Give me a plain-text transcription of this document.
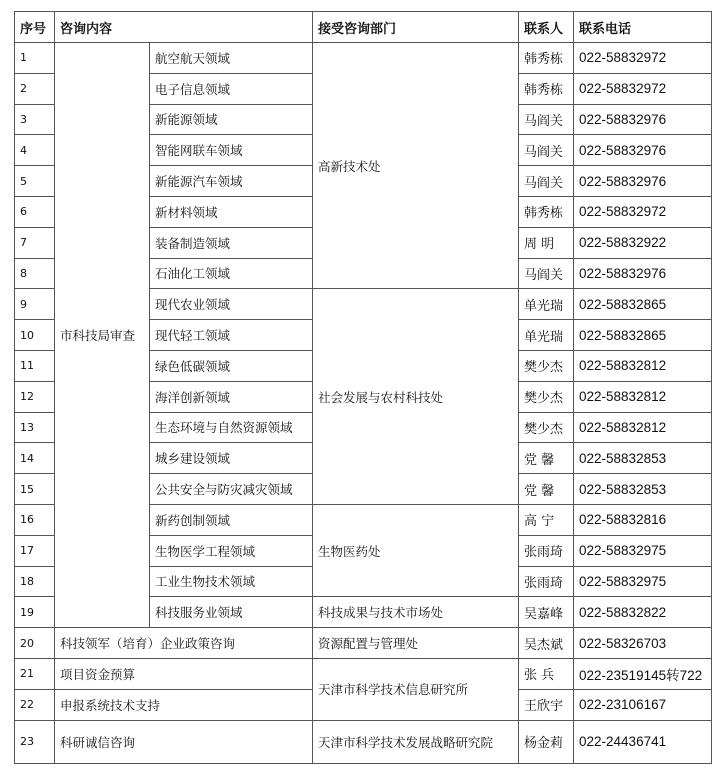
序号	咨询内容		接受咨询部门	联系人	联系电话
1	市科技局审查	航空航天领域	高新技术处	韩秀栋	022-58832972
2		电子信息领域		韩秀栋	022-58832972
3		新能源领域		马阎关	022-58832976
4		智能网联车领域		马阎关	022-58832976
5		新能源汽车领域		马阎关	022-58832976
6		新材料领域		韩秀栋	022-58832972
7		装备制造领域		周 明	022-58832922
8		石油化工领域		马阎关	022-58832976
9		现代农业领域	社会发展与农村科技处	单光瑞	022-58832865
10		现代轻工领域		单光瑞	022-58832865
11		绿色低碳领域		樊少杰	022-58832812
12		海洋创新领域		樊少杰	022-58832812
13		生态环境与自然资源领域		樊少杰	022-58832812
14		城乡建设领域		党 馨	022-58832853
15		公共安全与防灾减灾领域		党 馨	022-58832853
16		新药创制领域	生物医药处	高 宁	022-58832816
17		生物医学工程领域		张雨琦	022-58832975
18		工业生物技术领域		张雨琦	022-58832975
19		科技服务业领域	科技成果与技术市场处	吴嘉峰	022-58832822
20	科技领军（培育）企业政策咨询		资源配置与管理处	吴杰斌	022-58326703
21	项目资金预算		天津市科学技术信息研究所	张 兵	022-23519145转722
22	申报系统技术支持			王欣宇	022-23106167
23	科研诚信咨询		天津市科学技术发展战略研究院	杨金莉	022-24436741
